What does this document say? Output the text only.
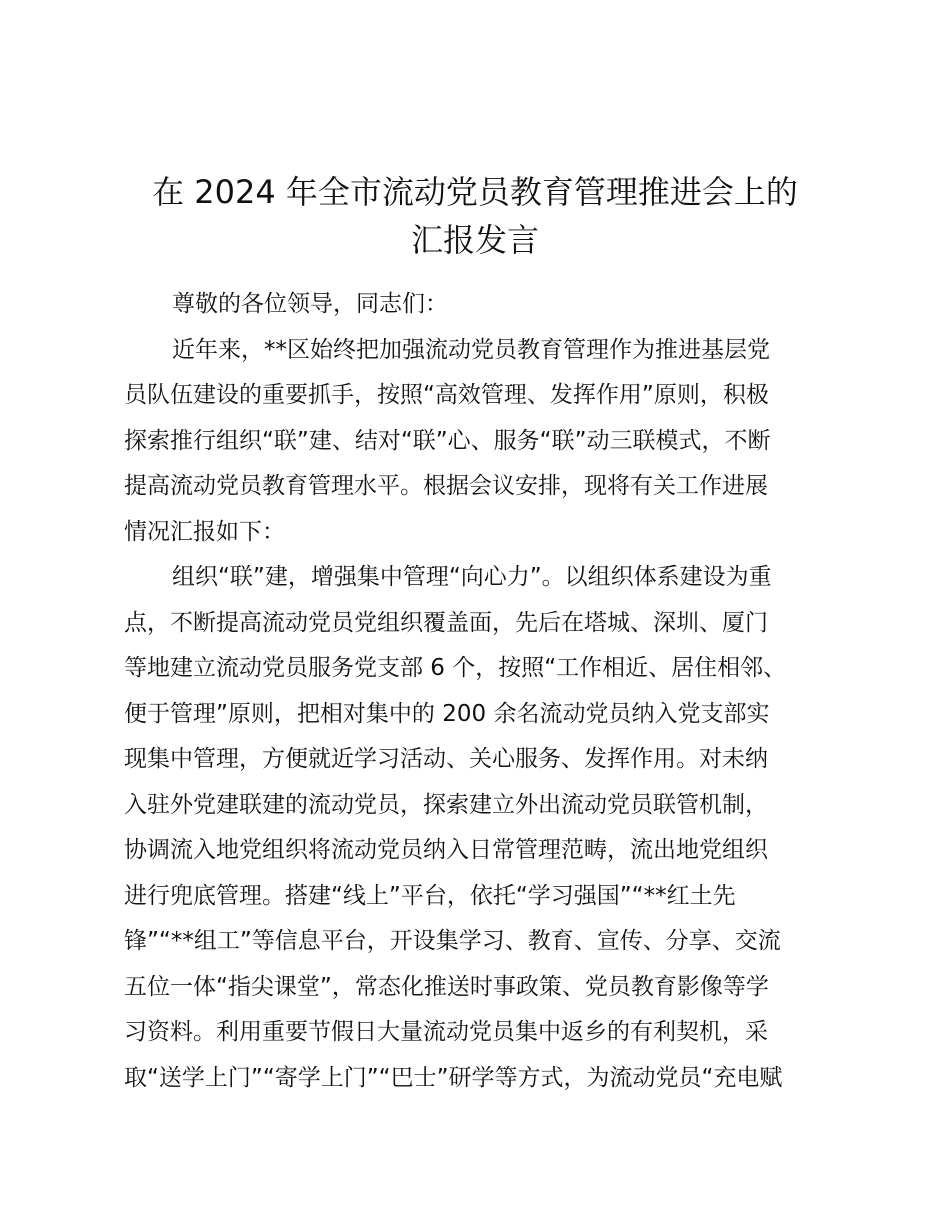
在 2024 年全市流动党员教育管理推进会上的
汇报发言

尊敬的各位领导，同志们：

近年来，**区始终把加强流动党员教育管理作为推进基层党
员队伍建设的重要抓手，按照“高效管理、发挥作用”原则，积极
探索推行组织“联”建、结对“联”心、服务“联”动三联模式，不断
提高流动党员教育管理水平。根据会议安排，现将有关工作进展
情况汇报如下：

组织“联”建，增强集中管理“向心力”。以组织体系建设为重
点，不断提高流动党员党组织覆盖面，先后在塔城、深圳、厦门
等地建立流动党员服务党支部 6 个，按照“工作相近、居住相邻、
便于管理”原则，把相对集中的 200 余名流动党员纳入党支部实
现集中管理，方便就近学习活动、关心服务、发挥作用。对未纳
入驻外党建联建的流动党员，探索建立外出流动党员联管机制，
协调流入地党组织将流动党员纳入日常管理范畴，流出地党组织
进行兜底管理。搭建“线上”平台，依托“学习强国”“**红土先
锋”“**组工”等信息平台，开设集学习、教育、宣传、分享、交流
五位一体“指尖课堂”，常态化推送时事政策、党员教育影像等学
习资料。利用重要节假日大量流动党员集中返乡的有利契机，采
取“送学上门”“寄学上门”“巴士”研学等方式，为流动党员“充电赋
